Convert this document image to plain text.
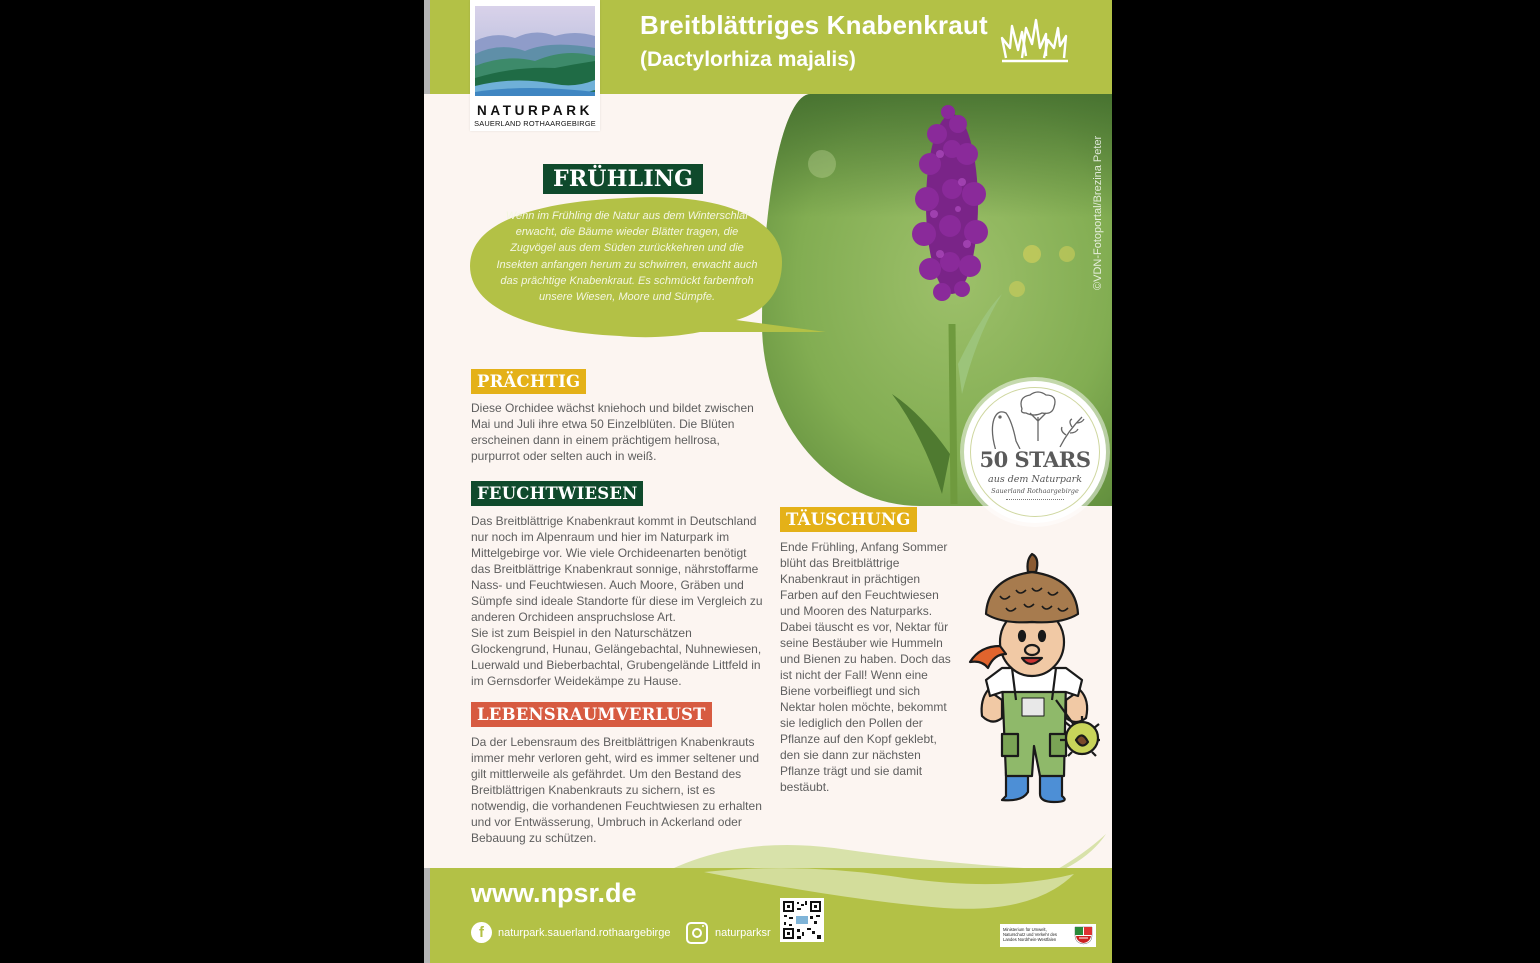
Breitblättriges Knabenkraut
(Dactylorhiza majalis)
©VDN-Fotoportal/Brezina Peter
NATURPARK
SAUERLAND ROTHAARGEBIRGE
Wenn im Frühling die Natur aus dem Winterschlaf erwacht, die Bäume wieder Blätter tragen, die Zugvögel aus dem Süden zurückkehren und die Insekten anfangen herum zu schwirren, erwacht auch das prächtige Knabenkraut. Es schmückt farbenfroh unsere Wiesen, Moore und Sümpfe.
FRÜHLING
50 STARS
aus dem Naturpark
Sauerland Rothaargebirge
PRÄCHTIG
Diese Orchidee wächst kniehoch und bildet zwischen Mai und Juli ihre etwa 50 Einzelblüten. Die Blüten erscheinen dann in einem prächtigem hellrosa, purpurrot oder selten auch in weiß.
FEUCHTWIESEN
Das Breitblättrige Knabenkraut kommt in Deutschland nur noch im Alpenraum und hier im Naturpark im Mittelgebirge vor. Wie viele Orchideenarten benötigt das Breitblättrige Knabenkraut sonnige, nährstoffarme Nass- und Feuchtwiesen. Auch Moore, Gräben und Sümpfe sind ideale Standorte für diese im Vergleich zu anderen Orchideen anspruchslose Art.
Sie ist zum Beispiel in den Naturschätzen Glockengrund, Hunau, Gelängebachtal, Nuhnewiesen, Luerwald und Bieberbachtal, Grubengelände Littfeld in im Gernsdorfer Weidekämpe zu Hause.
LEBENSRAUMVERLUST
Da der Lebensraum des Breitblättrigen Knabenkrauts immer mehr verloren geht, wird es immer seltener und gilt mittlerweile als gefährdet. Um den Bestand des Breitblättrigen Knabenkrauts zu sichern, ist es notwendig, die vorhandenen Feuchtwiesen zu erhalten und vor Entwässerung, Umbruch in Ackerland oder Bebauung zu schützen.
TÄUSCHUNG
Ende Frühling, Anfang Sommer blüht das Breitblättrige Knabenkraut in prächtigen Farben auf den Feuchtwiesen und Mooren des Naturparks. Dabei täuscht es vor, Nektar für seine Bestäuber wie Hummeln und Bienen zu haben. Doch das ist nicht der Fall! Wenn eine Biene vorbeifliegt und sich Nektar holen möchte, bekommt sie lediglich den Pollen der Pflanze auf den Kopf geklebt, den sie dann zur nächsten Pflanze trägt und sie damit bestäubt.
www.npsr.de
f	naturpark.sauerland.rothaargebirge	naturparksr	Ministerium für Umwelt, Naturschutz und Verkehr des Landes Nordrhein-Westfalen
